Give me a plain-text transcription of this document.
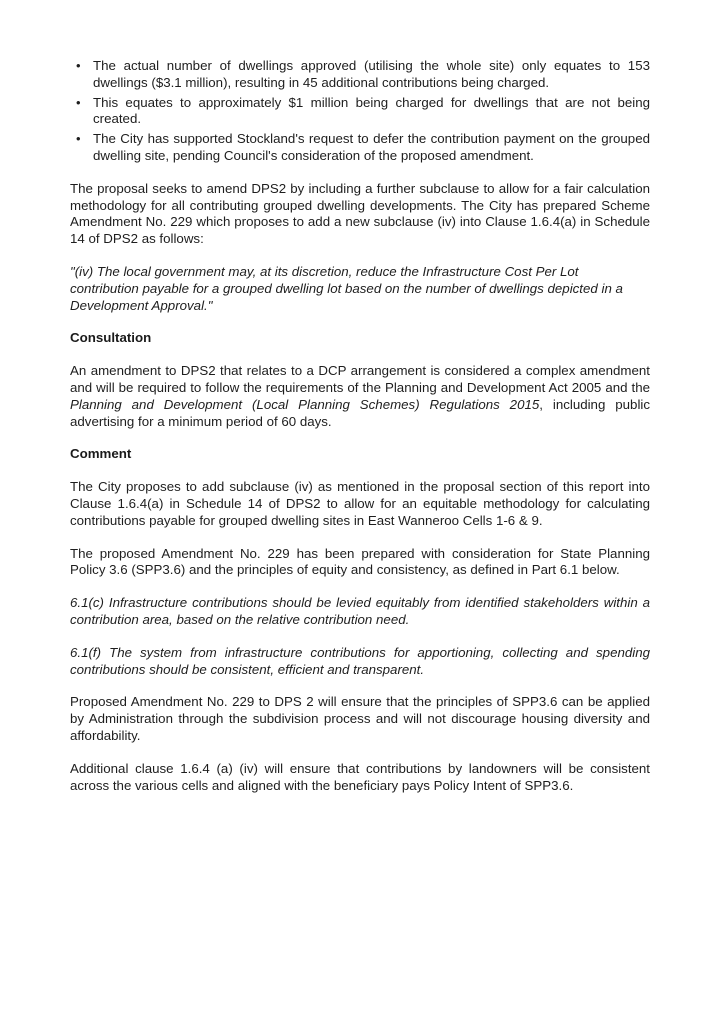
• The actual number of dwellings approved (utilising the whole site) only equates to 153 dwellings ($3.1 million), resulting in 45 additional contributions being charged.
• This equates to approximately $1 million being charged for dwellings that are not being created.
• The City has supported Stockland's request to defer the contribution payment on the grouped dwelling site, pending Council's consideration of the proposed amendment.

The proposal seeks to amend DPS2 by including a further subclause to allow for a fair calculation methodology for all contributing grouped dwelling developments. The City has prepared Scheme Amendment No. 229 which proposes to add a new subclause (iv) into Clause 1.6.4(a) in Schedule 14 of DPS2 as follows:

"(iv) The local government may, at its discretion, reduce the Infrastructure Cost Per Lot contribution payable for a grouped dwelling lot based on the number of dwellings depicted in a Development Approval."

Consultation

An amendment to DPS2 that relates to a DCP arrangement is considered a complex amendment and will be required to follow the requirements of the Planning and Development Act 2005 and the Planning and Development (Local Planning Schemes) Regulations 2015, including public advertising for a minimum period of 60 days.

Comment

The City proposes to add subclause (iv) as mentioned in the proposal section of this report into Clause 1.6.4(a) in Schedule 14 of DPS2 to allow for an equitable methodology for calculating contributions payable for grouped dwelling sites in East Wanneroo Cells 1-6 & 9.

The proposed Amendment No. 229 has been prepared with consideration for State Planning Policy 3.6 (SPP3.6) and the principles of equity and consistency, as defined in Part 6.1 below.

6.1(c) Infrastructure contributions should be levied equitably from identified stakeholders within a contribution area, based on the relative contribution need.

6.1(f) The system from infrastructure contributions for apportioning, collecting and spending contributions should be consistent, efficient and transparent.

Proposed Amendment No. 229 to DPS 2 will ensure that the principles of SPP3.6 can be applied by Administration through the subdivision process and will not discourage housing diversity and affordability.

Additional clause 1.6.4 (a) (iv) will ensure that contributions by landowners will be consistent across the various cells and aligned with the beneficiary pays Policy Intent of SPP3.6.
